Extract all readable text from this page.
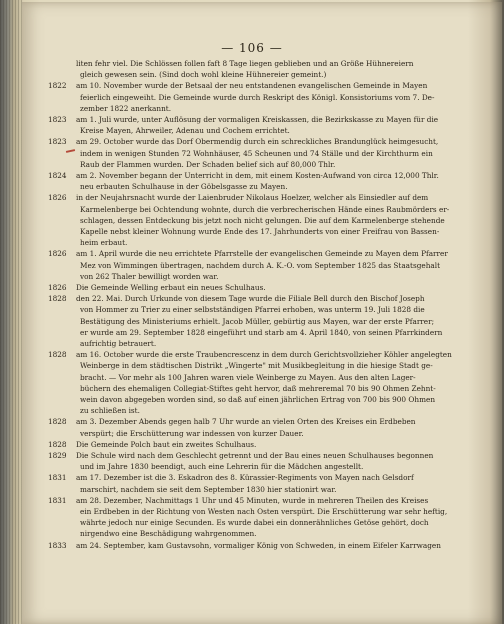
— 106 —
liten fehr viel. Die Schlössen follen faft 8 Tage liegen geblieben und an Größe Hühnereiern
gleich gewesen sein. (Sind doch wohl kleine Hühnereier gemeint.)
1822	am 10. November wurde der Betsaal der neu entstandenen evangelischen Gemeinde in Mayen
feierlich eingeweiht. Die Gemeinde wurde durch Reskript des Königl. Konsistoriums vom 7. De-
zember 1822 anerkannt.
1823	am 1. Juli wurde, unter Auflösung der vormaligen Kreiskassen, die Bezirkskasse zu Mayen für die
Kreise Mayen, Ahrweiler, Adenau und Cochem errichtet.
1823	am 29. October wurde das Dorf Obermendig durch ein schreckliches Brandunglück heimgesucht,
indem in wenigen Stunden 72 Wohnhäuser, 45 Scheunen und 74 Ställe und der Kirchthurm ein
Raub der Flammen wurden. Der Schaden belief sich auf 80,000 Thlr.
1824	am 2. November begann der Unterricht in dem, mit einem Kosten-Aufwand von circa 12,000 Thlr.
neu erbauten Schulhause in der Göbelsgasse zu Mayen.
1826	in der Neujahrsnacht wurde der Laienbruder Nikolaus Hoelzer, welcher als Einsiedler auf dem
Karmelenberge bei Ochtendung wohnte, durch die verbrecherischen Hände eines Raubmörders er-
schlagen, dessen Entdeckung bis jetzt noch nicht gelungen. Die auf dem Karmelenberge stehende
Kapelle nebst kleiner Wohnung wurde Ende des 17. Jahrhunderts von einer Freifrau von Bassen-
heim erbaut.
1826	am 1. April wurde die neu errichtete Pfarrstelle der evangelischen Gemeinde zu Mayen dem Pfarrer
Mez von Wimmingen übertragen, nachdem durch A. K.-O. vom September 1825 das Staatsgehalt
von 262 Thaler bewilligt worden war.
1826	Die Gemeinde Welling erbaut ein neues Schulhaus.
1828	den 22. Mai. Durch Urkunde von diesem Tage wurde die Filiale Bell durch den Bischof Joseph
von Hommer zu Trier zu einer selbstständigen Pfarrei erhoben, was unterm 19. Juli 1828 die
Bestätigung des Ministeriums erhielt. Jacob Müller, gebürtig aus Mayen, war der erste Pfarrer;
er wurde am 29. September 1828 eingeführt und starb am 4. April 1840, von seinen Pfarrkindern
aufrichtig betrauert.
1828	am 16. October wurde die erste Traubencrescenz in dem durch Gerichtsvollzieher Köhler angelegten
Weinberge in dem städtischen Distrikt „Wingerte" mit Musikbegleitung in die hiesige Stadt ge-
bracht. — Vor mehr als 100 Jahren waren viele Weinberge zu Mayen. Aus den alten Lager-
büchern des ehemaligen Collegiat-Stiftes geht hervor, daß mehreremal 70 bis 90 Ohmen Zehnt-
wein davon abgegeben worden sind, so daß auf einen jährlichen Ertrag von 700 bis 900 Ohmen
zu schließen ist.
1828	am 3. Dezember Abends gegen halb 7 Uhr wurde an vielen Orten des Kreises ein Erdbeben
verspürt; die Erschütterung war indessen von kurzer Dauer.
1828	Die Gemeinde Polch baut ein zweites Schulhaus.
1829	Die Schule wird nach dem Geschlecht getrennt und der Bau eines neuen Schulhauses begonnen
und im Jahre 1830 beendigt, auch eine Lehrerin für die Mädchen angestellt.
1831	am 17. Dezember ist die 3. Eskadron des 8. Kürassier-Regiments von Mayen nach Gelsdorf
marschirt, nachdem sie seit dem September 1830 hier stationirt war.
1831	am 28. Dezember, Nachmittags 1 Uhr und 45 Minuten, wurde in mehreren Theilen des Kreises
ein Erdbeben in der Richtung von Westen nach Osten verspürt. Die Erschütterung war sehr heftig,
währte jedoch nur einige Secunden. Es wurde dabei ein donnerähnliches Getöse gehört, doch
nirgendwo eine Beschädigung wahrgenommen.
1833	am 24. September, kam Gustavsohn, vormaliger König von Schweden, in einem Eifeler Karrwagen
